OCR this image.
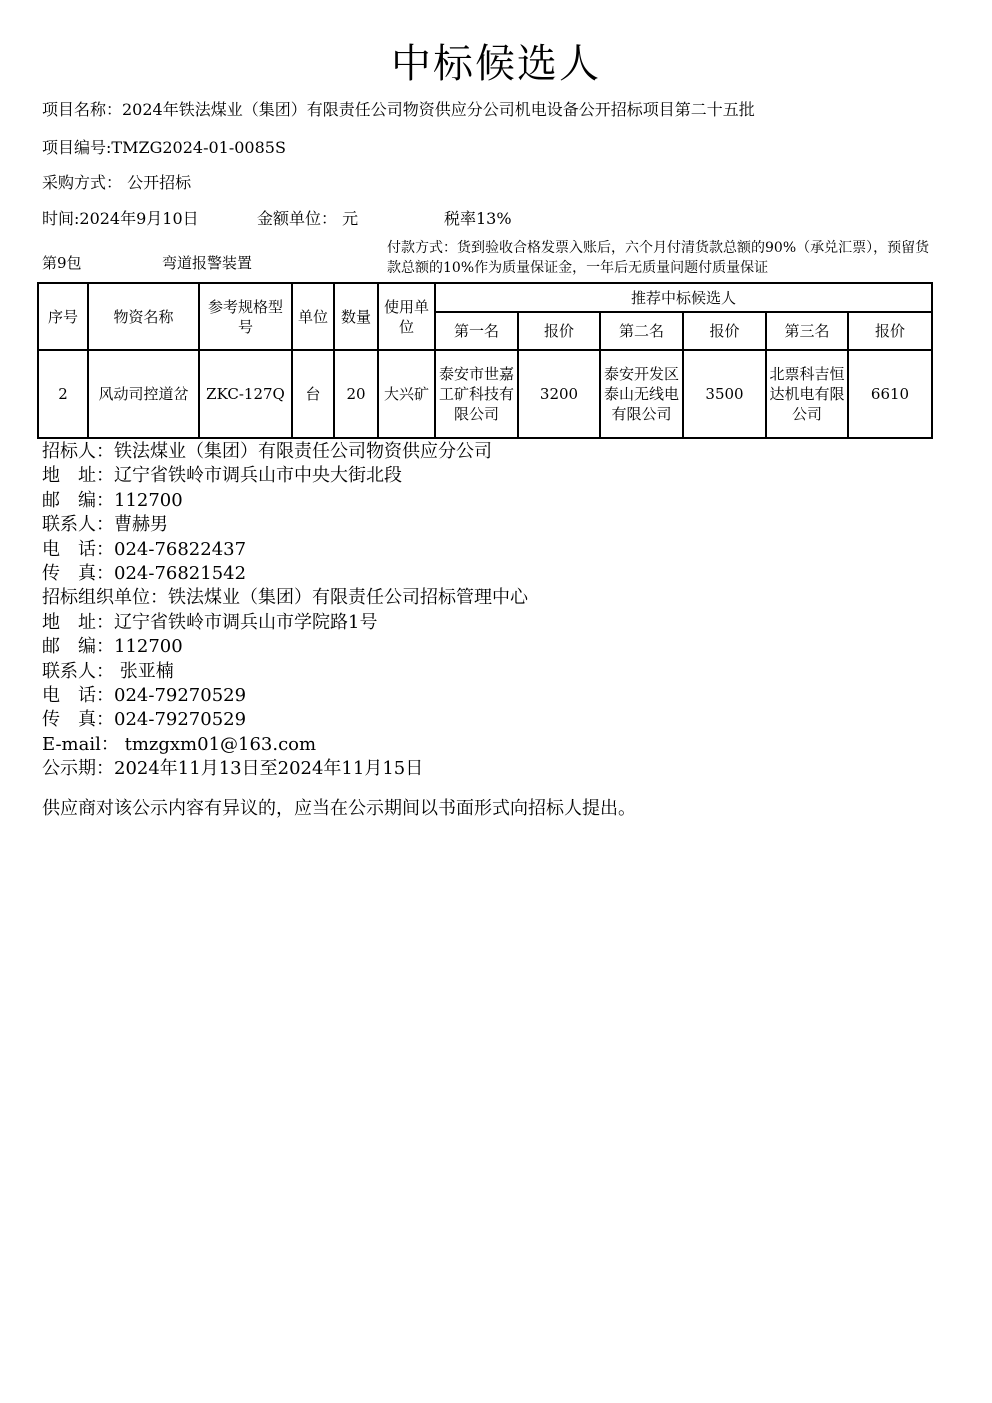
中标候选人
项目名称：2024年铁法煤业（集团）有限责任公司物资供应分公司机电设备公开招标项目第二十五批
项目编号:TMZG2024-01-0085S
采购方式： 公开招标
时间:2024年9月10日	金额单位： 元	税率13%
第9包	弯道报警装置
付款方式：货到验收合格发票入账后，六个月付清货款总额的90%（承兑汇票），预留货款总额的10%作为质量保证金，一年后无质量问题付质量保证
序号	物资名称	参考规格型号	单位	数量	使用单位	推荐中标候选人					
						第一名	报价	第二名	报价	第三名	报价
2	风动司控道岔	ZKC-127Q	台	20	大兴矿	泰安市世嘉工矿科技有限公司	3200	泰安开发区泰山无线电有限公司	3500	北票科吉恒达机电有限公司	6610
招标人：铁法煤业（集团）有限责任公司物资供应分公司
地　址：辽宁省铁岭市调兵山市中央大街北段
邮　编：112700
联系人：曹赫男
电　话：024-76822437
传　真：024-76821542
招标组织单位：铁法煤业（集团）有限责任公司招标管理中心
地　址：辽宁省铁岭市调兵山市学院路1号
邮　编：112700
联系人： 张亚楠
电　话：024-79270529
传　真：024-79270529
E-mail： tmzgxm01@163.com
公示期：2024年11月13日至2024年11月15日
供应商对该公示内容有异议的，应当在公示期间以书面形式向招标人提出。
